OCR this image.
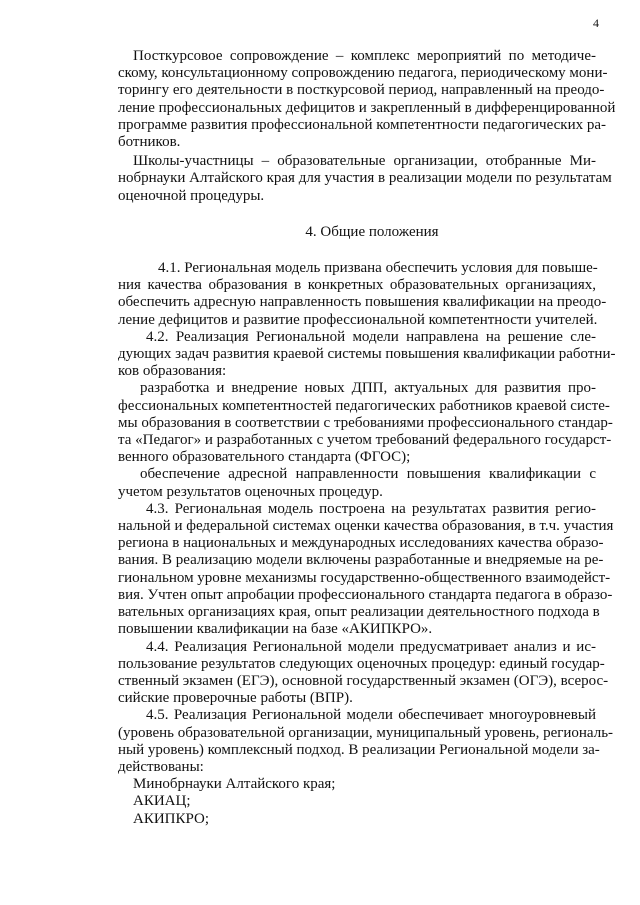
4
Посткурсовое сопровождение – комплекс мероприятий по методиче-
скому, консультационному сопровождению педагога, периодическому мони-
торингу его деятельности в посткурсовой период, направленный на преодо-
ление профессиональных дефицитов и закрепленный в дифференцированной
программе развития профессиональной компетентности педагогических ра-
ботников.
Школы-участницы – образовательные организации, отобранные Ми-
нобрнауки Алтайского края для участия в реализации модели по результатам
оценочной процедуры.
4. Общие положения
4.1. Региональная модель призвана обеспечить условия для повыше-
ния качества образования в конкретных образовательных организациях,
обеспечить адресную направленность повышения квалификации на преодо-
ление дефицитов и развитие профессиональной компетентности учителей.
4.2. Реализация Региональной модели направлена на решение сле-
дующих задач развития краевой системы повышения квалификации работни-
ков образования:
разработка и внедрение новых ДПП, актуальных для развития про-
фессиональных компетентностей педагогических работников краевой систе-
мы образования в соответствии с требованиями профессионального стандар-
та «Педагог» и разработанных с учетом требований федерального государст-
венного образовательного стандарта (ФГОС);
обеспечение адресной направленности повышения квалификации с
учетом результатов оценочных процедур.
4.3. Региональная модель построена на результатах развития регио-
нальной и федеральной системах оценки качества образования, в т.ч. участия
региона в национальных и международных исследованиях качества образо-
вания. В реализацию модели включены разработанные и внедряемые на ре-
гиональном уровне механизмы государственно-общественного взаимодейст-
вия. Учтен опыт апробации профессионального стандарта педагога в образо-
вательных организациях края, опыт реализации деятельностного подхода в
повышении квалификации на базе «АКИПКРО».
4.4. Реализация Региональной модели предусматривает анализ и ис-
пользование результатов следующих оценочных процедур: единый государ-
ственный экзамен (ЕГЭ), основной государственный экзамен (ОГЭ), всерос-
сийские проверочные работы (ВПР).
4.5. Реализация Региональной модели обеспечивает многоуровневый
(уровень образовательной организации, муниципальный уровень, региональ-
ный уровень) комплексный подход. В реализации Региональной модели за-
действованы:
Минобрнауки Алтайского края;
АКИАЦ;
АКИПКРО;
